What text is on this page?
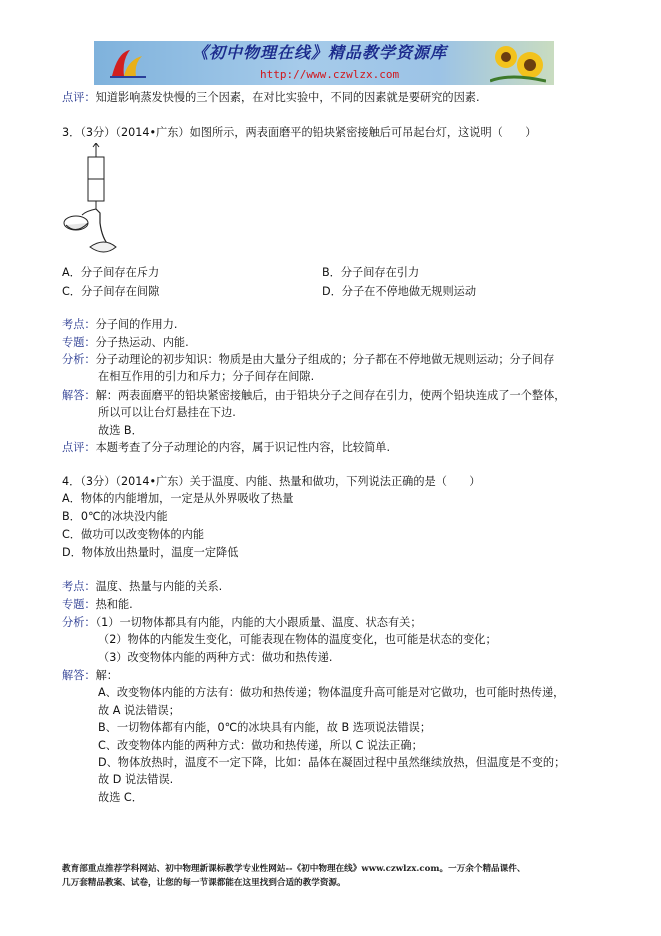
《初中物理在线》精品教学资源库
http://www.czwlzx.com
点评：知道影响蒸发快慢的三个因素，在对比实验中，不同的因素就是要研究的因素.
3．（3分）（2014•广东）如图所示，两表面磨平的铅块紧密接触后可吊起台灯，这说明（　　）
A．分子间存在斥力	B．分子间存在引力
C．分子间存在间隙	D．分子在不停地做无规则运动
考点：分子间的作用力.
专题：分子热运动、内能.
分析：分子动理论的初步知识：物质是由大量分子组成的；分子都在不停地做无规则运动；分子间存
在相互作用的引力和斥力；分子间存在间隙.
解答：解：两表面磨平的铅块紧密接触后，由于铅块分子之间存在引力，使两个铅块连成了一个整体，
所以可以让台灯悬挂在下边.
故选 B．
点评：本题考查了分子动理论的内容，属于识记性内容，比较简单.
4．（3分）（2014•广东）关于温度、内能、热量和做功，下列说法正确的是（　　）
A．物体的内能增加，一定是从外界吸收了热量
B．0℃的冰块没内能
C．做功可以改变物体的内能
D．物体放出热量时，温度一定降低
考点：温度、热量与内能的关系.
专题：热和能.
分析：（1）一切物体都具有内能，内能的大小跟质量、温度、状态有关；
（2）物体的内能发生变化，可能表现在物体的温度变化，也可能是状态的变化；
（3）改变物体内能的两种方式：做功和热传递.
解答：解：
A、改变物体内能的方法有：做功和热传递；物体温度升高可能是对它做功，也可能时热传递，
故 A 说法错误；
B、一切物体都有内能，0℃的冰块具有内能，故 B 选项说法错误；
C、改变物体内能的两种方式：做功和热传递，所以 C 说法正确；
D、物体放热时，温度不一定下降，比如：晶体在凝固过程中虽然继续放热，但温度是不变的；
故 D 说法错误.
故选 C．
教育部重点推荐学科网站、初中物理新课标教学专业性网站--《初中物理在线》www.czwlzx.com。一万余个精品课件、
几万套精品教案、试卷，让您的每一节课都能在这里找到合适的教学资源。
